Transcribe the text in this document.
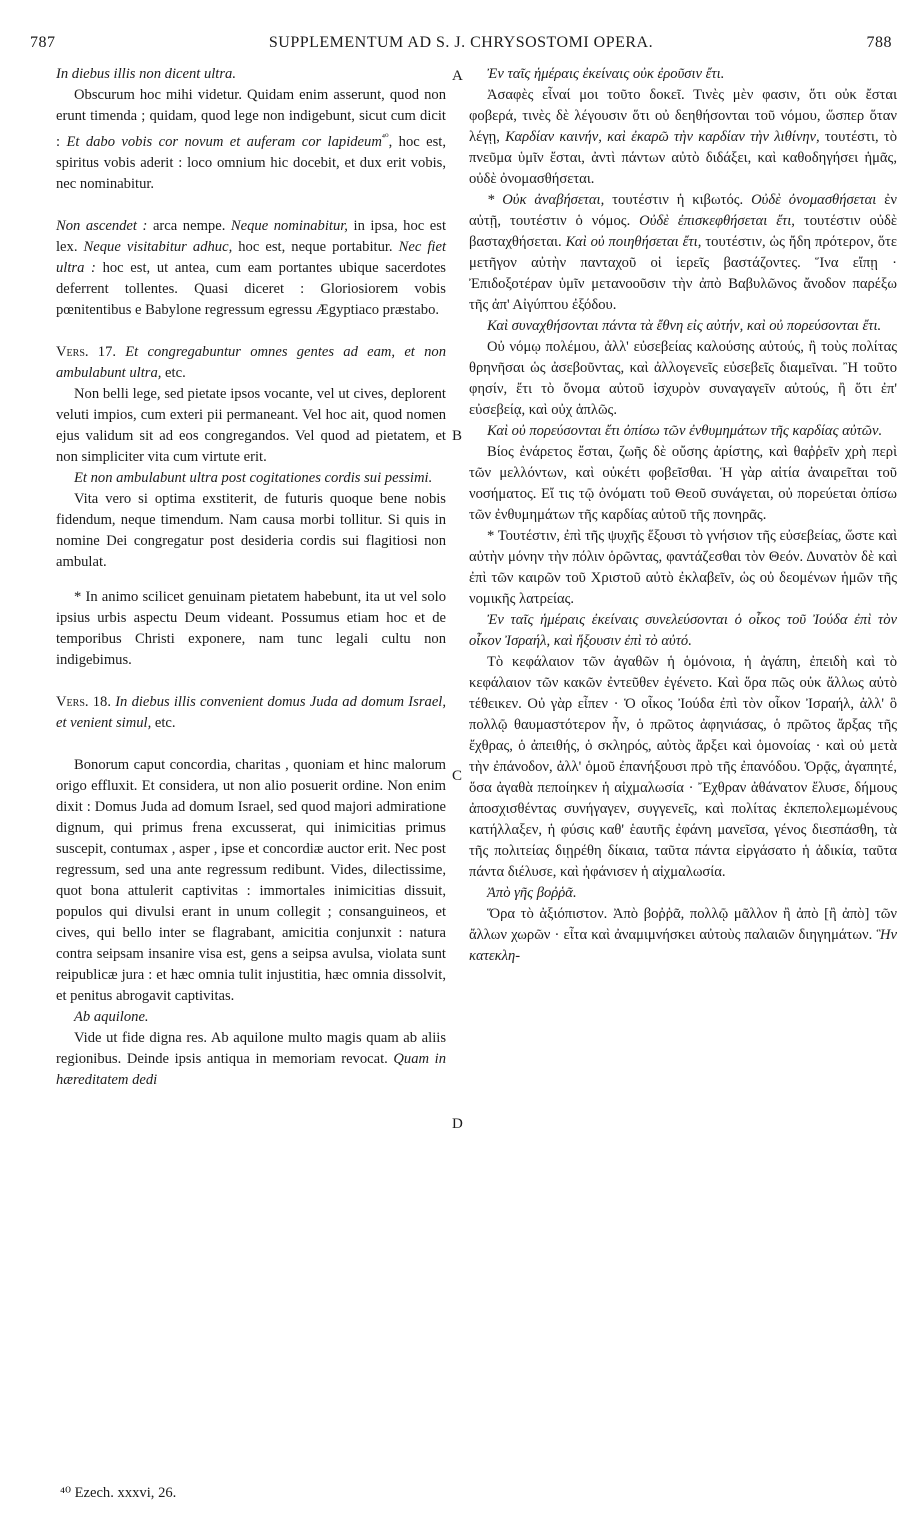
787	SUPPLEMENTUM AD S. J. CHRYSOSTOMI OPERA.	788
A
B
C
D

In diebus illis non dicent ultra.

Obscurum hoc mihi videtur. Quidam enim asserunt, quod non erunt timenda ; quidam, quod lege non indigebunt, sicut cum dicit : Et dabo vobis cor novum et auferam cor lapideum$^{^{40}}$, hoc est, spiritus vobis aderit : loco omnium hic docebit, et dux erit vobis, nec nominabitur.

Non ascendet : arca nempe. Neque nominabitur, in ipsa, hoc est lex. Neque visitabitur adhuc, hoc est, neque portabitur. Nec fiet ultra : hoc est, ut antea, cum eam portantes ubique sacerdotes deferrent tollentes. Quasi diceret : Gloriosiorem vobis pœnitentibus e Babylone regressum egressu Ægyptiaco præstabo.

Vers. 17. Et congregabuntur omnes gentes ad eam, et non ambulabunt ultra, etc.

Non belli lege, sed pietate ipsos vocante, vel ut cives, deplorent veluti impios, cum exteri pii permaneant. Vel hoc ait, quod nomen ejus validum sit ad eos congregandos. Vel quod ad pietatem, et non simpliciter vita cum virtute erit.

Et non ambulabunt ultra post cogitationes cordis sui pessimi.

Vita vero si optima exstiterit, de futuris quoque bene nobis fidendum, neque timendum. Nam causa morbi tollitur. Si quis in nomine Dei congregatur post desideria cordis sui flagitiosi non ambulat.

* In animo scilicet genuinam pietatem habebunt, ita ut vel solo ipsius urbis aspectu Deum videant. Possumus etiam hoc et de temporibus Christi exponere, nam tunc legali cultu non indigebimus.

Vers. 18. In diebus illis convenient domus Juda ad domum Israel, et venient simul, etc.

Bonorum caput concordia, charitas , quoniam et hinc malorum origo effluxit. Et considera, ut non alio posuerit ordine. Non enim dixit : Domus Juda ad domum Israel, sed quod majori admiratione dignum, qui primus frena excusserat, qui inimicitias primus suscepit, contumax , asper , ipse et concordiæ auctor erit. Nec post regressum, sed una ante regressum redibunt. Vides, dilectissime, quot bona attulerit captivitas : immortales inimicitias dissuit, populos qui divulsi erant in unum collegit ; consanguineos, et cives, qui bello inter se flagrabant, amicitia conjunxit : natura contra seipsam insanire visa est, gens a seipsa avulsa, violata sunt reipublicæ jura : et hæc omnia tulit injustitia, hæc omnia dissolvit, et penitus abrogavit captivitas.

Ab aquilone.

Vide ut fide digna res. Ab aquilone multo magis quam ab aliis regionibus. Deinde ipsis antiqua in memoriam revocat. Quam in hæreditatem dedi

Ἐν ταῖς ἡμέραις ἐκείναις οὐκ ἐροῦσιν ἔτι.

Ἀσαφὲς εἶναί μοι τοῦτο δοκεῖ. Τινὲς μὲν φασιν, ὅτι οὐκ ἔσται φοβερά, τινὲς δὲ λέγουσιν ὅτι οὐ δεηθήσονται τοῦ νόμου, ὥσπερ ὅταν λέγῃ, Καρδίαν καινήν, καὶ ἐκαρῶ τὴν καρδίαν τὴν λιθίνην, τουτέστι, τὸ πνεῦμα ὑμῖν ἔσται, ἀντὶ πάντων αὐτὸ διδάξει, καὶ καθοδηγήσει ἡμᾶς, οὐδὲ ὀνομασθήσεται.

* Οὐκ ἀναβήσεται, τουτέστιν ἡ κιβωτός. Οὐδὲ ὀνομασθήσεται ἐν αὐτῇ, τουτέστιν ὁ νόμος. Οὐδὲ ἐπισκεφθήσεται ἔτι, τουτέστιν οὐδὲ βασταχθήσεται. Καὶ οὐ ποιηθήσεται ἔτι, τουτέστιν, ὡς ἤδη πρότερον, ὅτε μετῆγον αὐτὴν πανταχοῦ οἱ ἱερεῖς βαστάζοντες. Ἵνα εἴπῃ · Ἐπιδοξοτέραν ὑμῖν μετανοοῦσιν τὴν ἀπὸ Βαβυλῶνος ἄνοδον παρέξω τῆς ἀπ' Αἰγύπτου ἐξόδου.

Καὶ συναχθήσονται πάντα τὰ ἔθνη εἰς αὐτήν, καὶ οὐ πορεύσονται ἔτι.

Οὐ νόμῳ πολέμου, ἀλλ' εὐσεβείας καλούσης αὐτούς, ἢ τοὺς πολίτας θρηνῆσαι ὡς ἀσεβοῦντας, καὶ ἀλλογενεῖς εὐσεβεῖς διαμεῖναι. Ἢ τοῦτο φησίν, ἔτι τὸ ὄνομα αὐτοῦ ἰσχυρὸν συναγαγεῖν αὐτούς, ἢ ὅτι ἐπ' εὐσεβείᾳ, καὶ οὐχ ἁπλῶς.

Καὶ οὐ πορεύσονται ἔτι ὀπίσω τῶν ἐνθυμημάτων τῆς καρδίας αὐτῶν.

Βίος ἐνάρετος ἔσται, ζωῆς δὲ οὔσης ἀρίστης, καὶ θαῤῥεῖν χρὴ περὶ τῶν μελλόντων, καὶ οὐκέτι φοβεῖσθαι. Ἡ γὰρ αἰτία ἀναιρεῖται τοῦ νοσήματος. Εἴ τις τῷ ὀνόματι τοῦ Θεοῦ συνάγεται, οὐ πορεύεται ὀπίσω τῶν ἐνθυμημάτων τῆς καρδίας αὐτοῦ τῆς πονηρᾶς.

* Τουτέστιν, ἐπὶ τῆς ψυχῆς ἕξουσι τὸ γνήσιον τῆς εὐσεβείας, ὥστε καὶ αὐτὴν μόνην τὴν πόλιν ὁρῶντας, φαντάζεσθαι τὸν Θεόν. Δυνατὸν δὲ καὶ ἐπὶ τῶν καιρῶν τοῦ Χριστοῦ αὐτὸ ἐκλαβεῖν, ὡς οὐ δεομένων ἡμῶν τῆς νομικῆς λατρείας.

Ἐν ταῖς ἡμέραις ἐκείναις συνελεύσονται ὁ οἶκος τοῦ Ἰούδα ἐπὶ τὸν οἶκον Ἰσραήλ, καὶ ἥξουσιν ἐπὶ τὸ αὐτό.

Τὸ κεφάλαιον τῶν ἀγαθῶν ἡ ὁμόνοια, ἡ ἀγάπη, ἐπειδὴ καὶ τὸ κεφάλαιον τῶν κακῶν ἐντεῦθεν ἐγένετο. Καὶ ὅρα πῶς οὐκ ἄλλως αὐτὸ τέθεικεν. Οὐ γὰρ εἶπεν · Ὁ οἶκος Ἰούδα ἐπὶ τὸν οἶκον Ἰσραήλ, ἀλλ' ὃ πολλῷ θαυμαστότερον ἦν, ὁ πρῶτος ἀφηνιάσας, ὁ πρῶτος ἄρξας τῆς ἔχθρας, ὁ ἀπειθής, ὁ σκληρός, αὐτὸς ἄρξει καὶ ὁμονοίας · καὶ οὐ μετὰ τὴν ἐπάνοδον, ἀλλ' ὁμοῦ ἐπανήξουσι πρὸ τῆς ἐπανόδου. Ὁρᾷς, ἀγαπητέ, ὅσα ἀγαθὰ πεποίηκεν ἡ αἰχμαλωσία · Ἔχθραν ἀθάνατον ἔλυσε, δήμους ἀποσχισθέντας συνήγαγεν, συγγενεῖς, καὶ πολίτας ἐκπεπολεμωμένους κατήλλαξεν, ἡ φύσις καθ' ἑαυτῆς ἐφάνη μανεῖσα, γένος διεσπάσθη, τὰ τῆς πολιτείας διῃρέθη δίκαια, ταῦτα πάντα εἰργάσατο ἡ ἀδικία, ταῦτα πάντα διέλυσε, καὶ ἠφάνισεν ἡ αἰχμαλωσία.

Ἀπὸ γῆς βοῤῥᾶ.

Ὅρα τὸ ἀξιόπιστον. Ἀπὸ βοῤῥᾶ, πολλῷ μᾶλλον ἢ ἀπὸ [ἢ ἀπὸ] τῶν ἄλλων χωρῶν · εἶτα καὶ ἀναμιμνήσκει αὐτοὺς παλαιῶν διηγημάτων. Ἣν κατεκλη-

⁴⁰ Ezech. xxxvi, 26.
